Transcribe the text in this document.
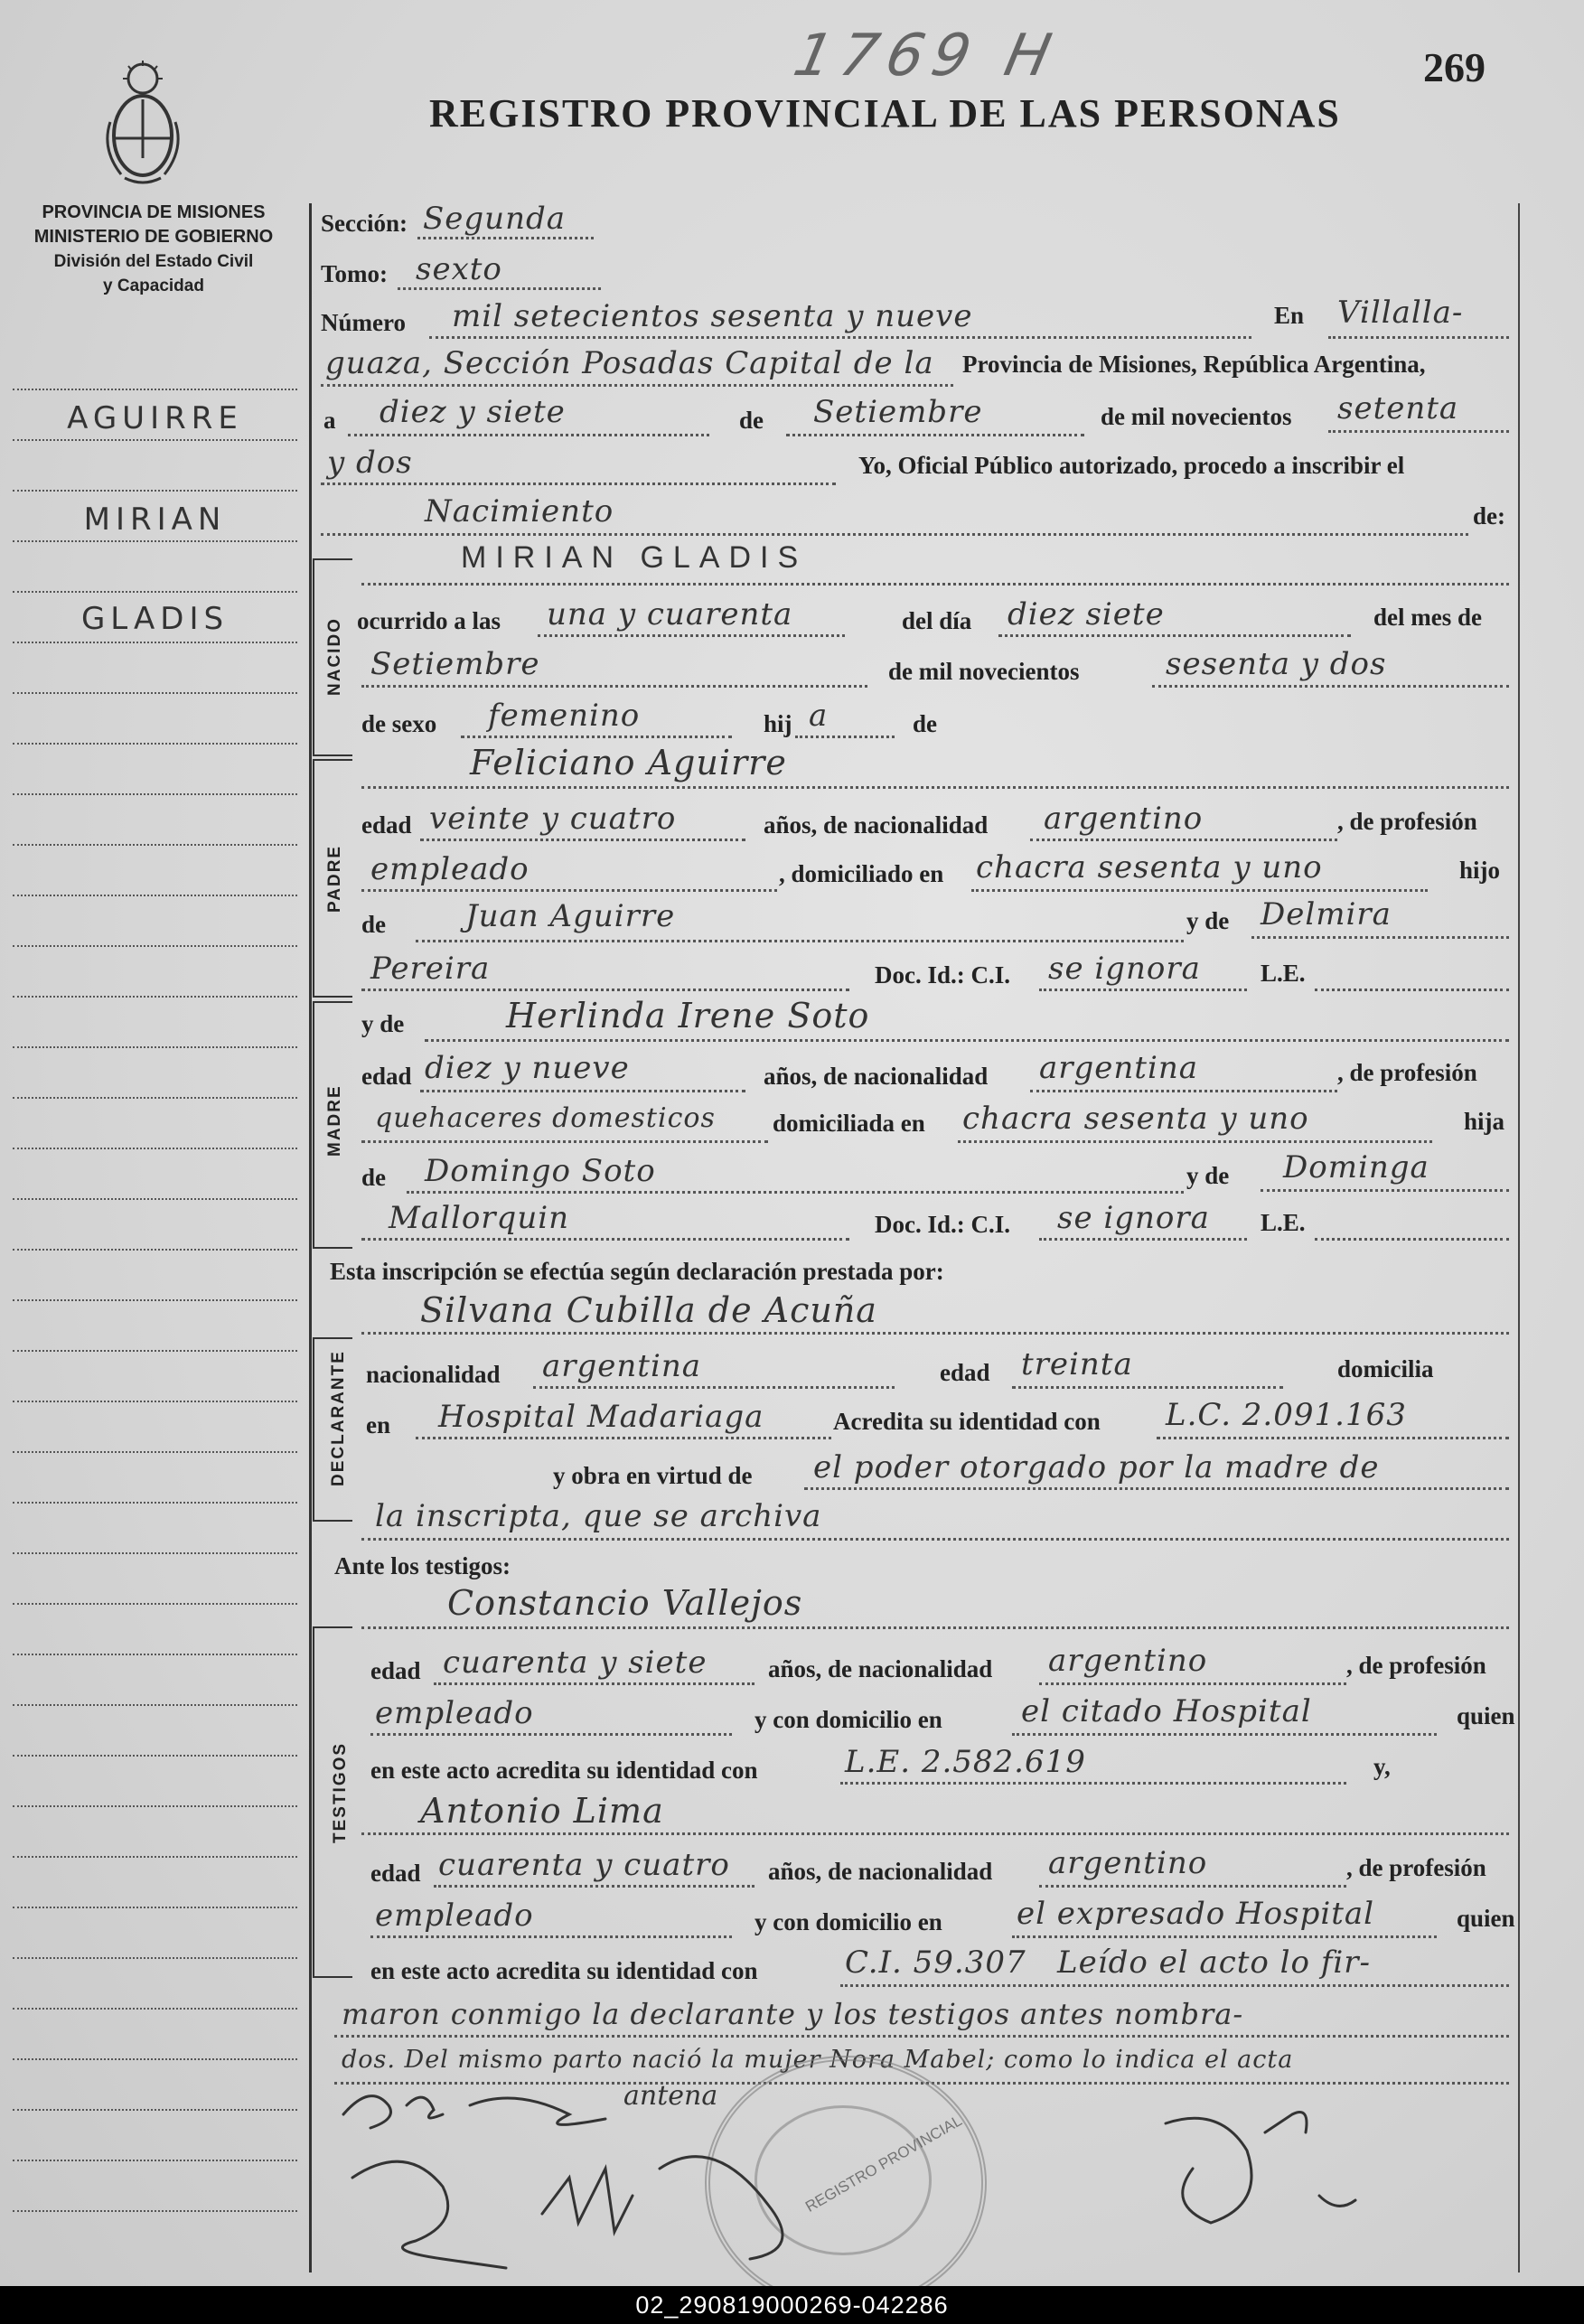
1769 H	269
REGISTRO PROVINCIAL DE LAS PERSONAS
PROVINCIA DE MISIONES
MINISTERIO DE GOBIERNO
División del Estado Civil
y Capacidad
AGUIRRE
MIRIAN
GLADIS	NACIDO
PADRE
MADRE
DECLARANTE
TESTIGOS
Sección: Segunda
Tomo: sexto
Número mil setecientos sesenta y nueve	En Villalla-
guaza, Sección Posadas Capital de la Provincia de Misiones, República Argentina,
a diez y siete	de Setiembre	de mil novecientos setenta
y dos	Yo, Oficial Público autorizado, procedo a inscribir el
Nacimiento	de:
MIRIAN GLADIS
ocurrido a las una y cuarenta	del día diez siete	del mes de
Setiembre	de mil novecientos	sesenta y dos
de sexo femenino	hij a	de
Feliciano Aguirre
edad veinte y cuatro	años, de nacionalidad argentino	, de profesión
empleado	, domiciliado en chacra sesenta y uno	hijo
de	Juan Aguirre	y de Delmira
Pereira	Doc. Id.: C.I. se ignora L.E.
y de	Herlinda Irene Soto
edad diez y nueve	años, de nacionalidad argentina	, de profesión
quehaceres domesticos domiciliada en chacra sesenta y uno	hija
de Domingo Soto	y de Dominga
Mallorquin	Doc. Id.: C.I. se ignora L.E.
Esta inscripción se efectúa según declaración prestada por:
Silvana Cubilla de Acuña
nacionalidad argentina	edad treinta	domicilia
en Hospital Madariaga	Acredita su identidad con L.C. 2.091.163
y obra en virtud de el poder otorgado por la madre de
la inscripta, que se archiva
Ante los testigos:
Constancio Vallejos
edad cuarenta y siete	años, de nacionalidad argentino	, de profesión
empleado	y con domicilio en	el citado Hospital	quien
en este acto acredita su identidad con	L.E. 2.582.619	y,
Antonio Lima
edad cuarenta y cuatro años, de nacionalidad argentino	, de profesión
empleado	y con domicilio en el expresado Hospital	quien
en este acto acredita su identidad con	C.I. 59.307 Leído el acto lo fir-
maron conmigo la declarante y los testigos antes nombra-
dos. Del mismo parto nació la mujer Nora Mabel; como lo indica el acta
REGISTRO PROVINCIAL
antena
02_290819000269-042286
